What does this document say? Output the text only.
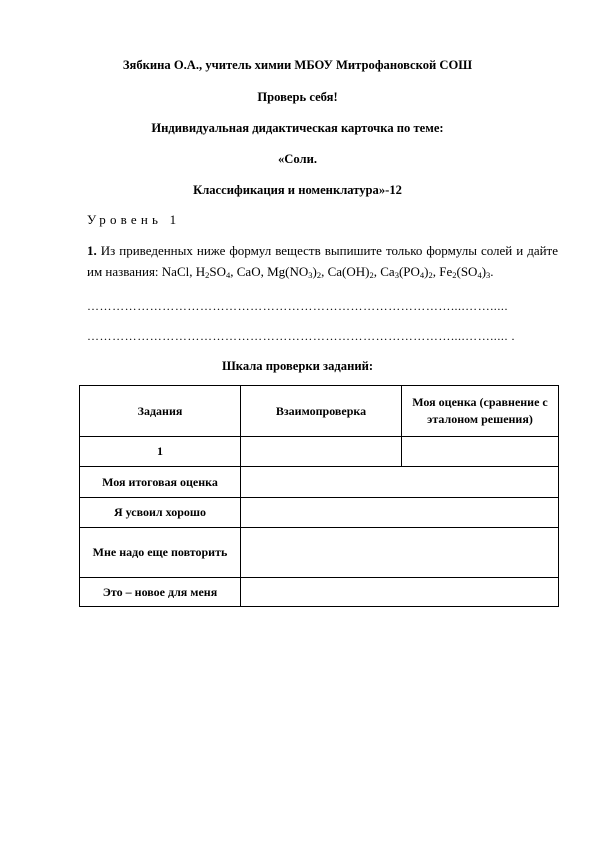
Зябкина О.А., учитель химии МБОУ Митрофановской СОШ
Проверь себя!
Индивидуальная дидактическая карточка по теме:
«Соли.
Классификация и номенклатура»-12
Уровень 1
1. Из приведенных ниже формул веществ выпишите только формулы солей и дайте им названия: NaCl, $H_2SO_4$, CaO, $Mg(NO_3)_2$, $Ca(OH)_2$, $Ca_3(PO_4)_2$, $Fe_2(SO_4)_3$.
……………………………………………………………………………....…….....
……………………………………………………………………………....……..... .
Шкала проверки заданий:
Задания	Взаимопроверка	Моя оценка (сравнение с эталоном решения)
1		
Моя итоговая оценка		
Я усвоил хорошо		
Мне надо еще повторить		
Это – новое для меня		
